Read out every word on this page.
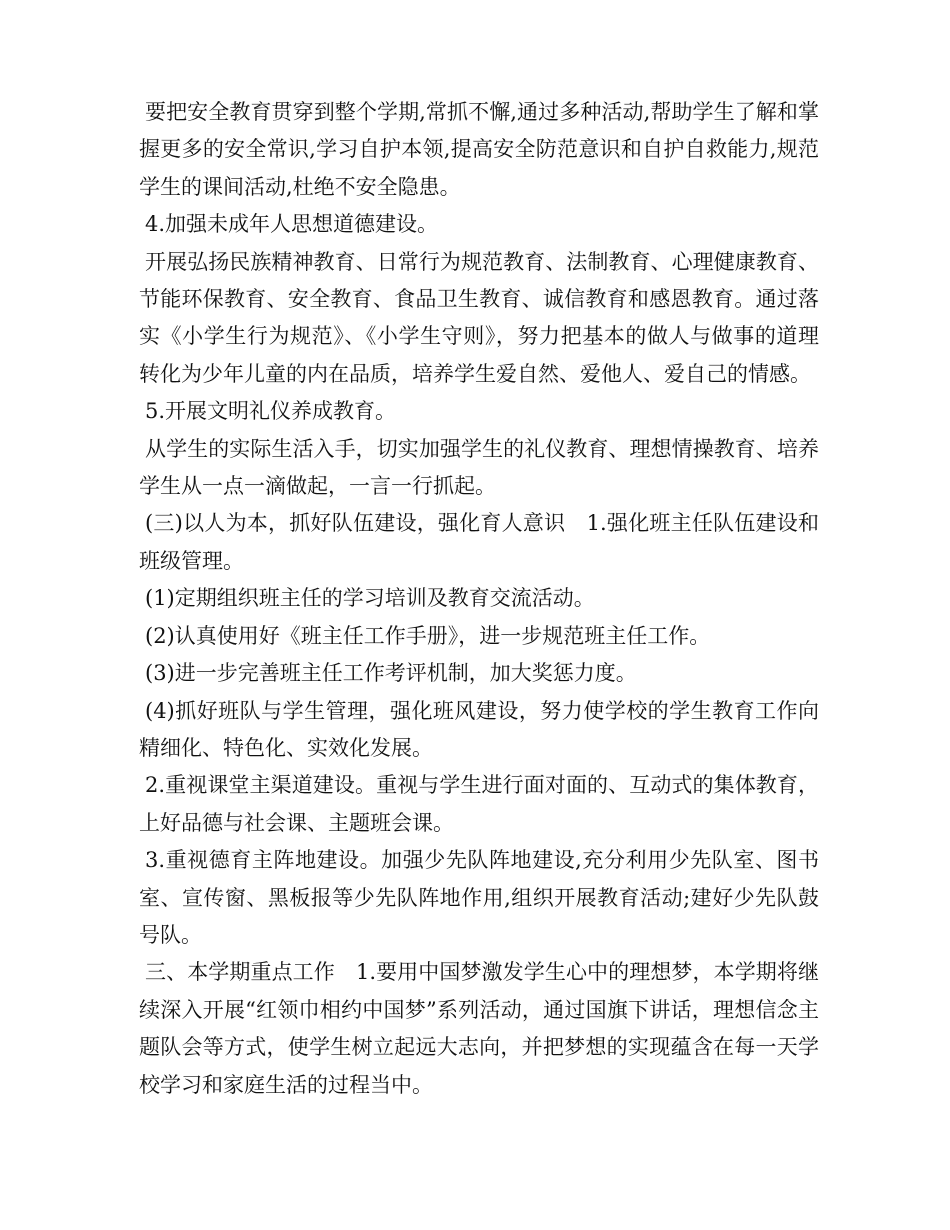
要把安全教育贯穿到整个学期,常抓不懈,通过多种活动,帮助学生了解和掌握更多的安全常识,学习自护本领,提高安全防范意识和自护自救能力,规范学生的课间活动,杜绝不安全隐患。

4.加强未成年人思想道德建设。

开展弘扬民族精神教育、日常行为规范教育、法制教育、心理健康教育、节能环保教育、安全教育、食品卫生教育、诚信教育和感恩教育。通过落实《小学生行为规范》、《小学生守则》，努力把基本的做人与做事的道理转化为少年儿童的内在品质，培养学生爱自然、爱他人、爱自己的情感。

5.开展文明礼仪养成教育。

从学生的实际生活入手，切实加强学生的礼仪教育、理想情操教育、培养学生从一点一滴做起，一言一行抓起。

(三)以人为本，抓好队伍建设，强化育人意识　1.强化班主任队伍建设和班级管理。

(1)定期组织班主任的学习培训及教育交流活动。

(2)认真使用好《班主任工作手册》，进一步规范班主任工作。

(3)进一步完善班主任工作考评机制，加大奖惩力度。

(4)抓好班队与学生管理，强化班风建设，努力使学校的学生教育工作向精细化、特色化、实效化发展。

2.重视课堂主渠道建设。重视与学生进行面对面的、互动式的集体教育，上好品德与社会课、主题班会课。

3.重视德育主阵地建设。加强少先队阵地建设,充分利用少先队室、图书室、宣传窗、黑板报等少先队阵地作用,组织开展教育活动;建好少先队鼓号队。

三、本学期重点工作　1.要用中国梦激发学生心中的理想梦，本学期将继续深入开展“红领巾相约中国梦”系列活动，通过国旗下讲话，理想信念主题队会等方式，使学生树立起远大志向，并把梦想的实现蕴含在每一天学校学习和家庭生活的过程当中。
